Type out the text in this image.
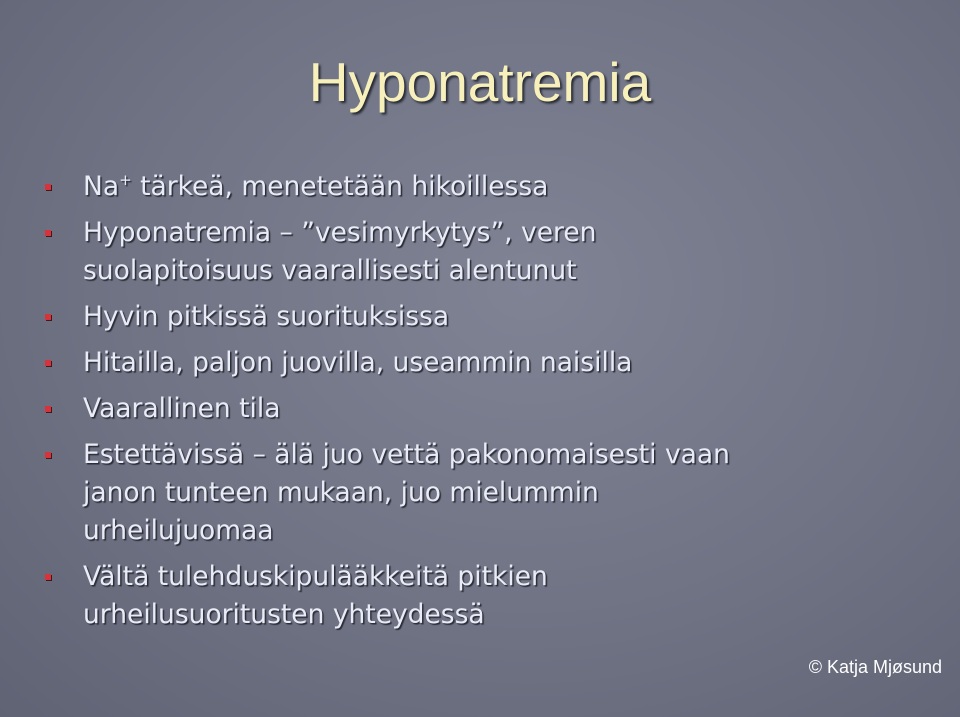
Hyponatremia
Na+ tärkeä, menetetään hikoillessa
Hyponatremia – ”vesimyrkytys”, veren
suolapitoisuus vaarallisesti alentunut
Hyvin pitkissä suorituksissa
Hitailla, paljon juovilla, useammin naisilla
Vaarallinen tila
Estettävissä – älä juo vettä pakonomaisesti vaan
janon tunteen mukaan, juo mielummin
urheilujuomaa
Vältä tulehduskipulääkkeitä pitkien
urheilusuoritusten yhteydessä
© Katja Mjøsund
